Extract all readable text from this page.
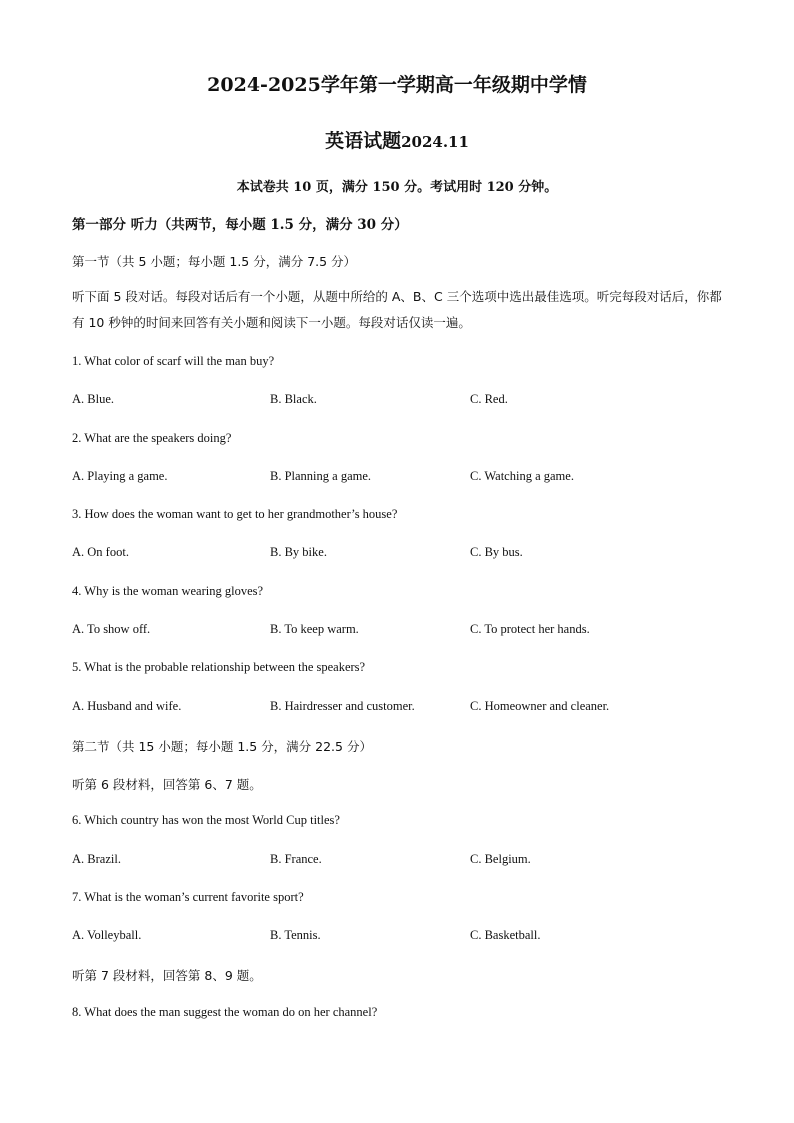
2024-2025学年第一学期高一年级期中学情
英语试题2024.11
本试卷共 10 页，满分 150 分。考试用时 120 分钟。
第一部分 听力（共两节，每小题 1.5 分，满分 30 分）
第一节（共 5 小题；每小题 1.5 分，满分 7.5 分）
听下面 5 段对话。每段对话后有一个小题，从题中所给的 A、B、C 三个选项中选出最佳选项。听完每段对话后，你都有 10 秒钟的时间来回答有关小题和阅读下一小题。每段对话仅读一遍。
1. What color of scarf will the man buy?
A. Blue.	B. Black.	C. Red.
2. What are the speakers doing?
A. Playing a game.	B. Planning a game.	C. Watching a game.
3. How does the woman want to get to her grandmother’s house?
A. On foot.	B. By bike.	C. By bus.
4. Why is the woman wearing gloves?
A. To show off.	B. To keep warm.	C. To protect her hands.
5. What is the probable relationship between the speakers?
A. Husband and wife.	B. Hairdresser and customer.	C. Homeowner and cleaner.
第二节（共 15 小题；每小题 1.5 分，满分 22.5 分）
听第 6 段材料，回答第 6、7 题。
6. Which country has won the most World Cup titles?
A. Brazil.	B. France.	C. Belgium.
7. What is the woman’s current favorite sport?
A. Volleyball.	B. Tennis.	C. Basketball.
听第 7 段材料，回答第 8、9 题。
8. What does the man suggest the woman do on her channel?
